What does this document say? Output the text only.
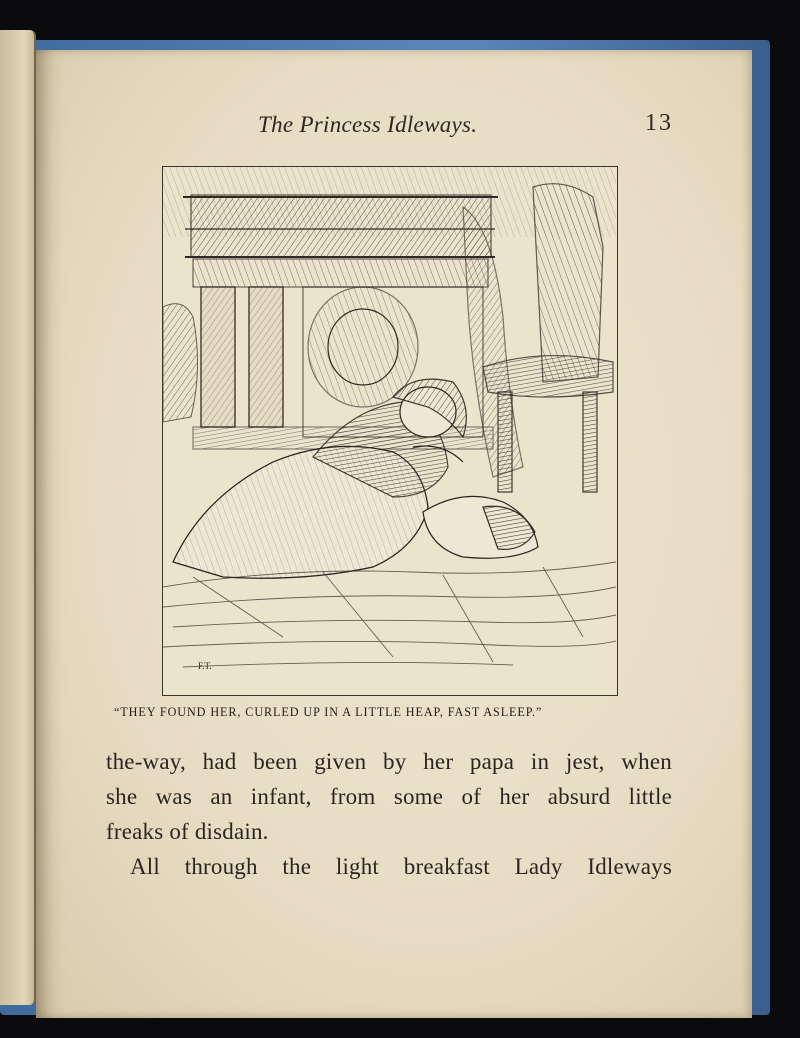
The Princess Idleways.	13
F.T.
“THEY FOUND HER, CURLED UP IN A LITTLE HEAP, FAST ASLEEP.”

the-way, had been given by her papa in jest, when

she was an infant, from some of her absurd little

freaks of disdain.

All through the light breakfast Lady Idleways
